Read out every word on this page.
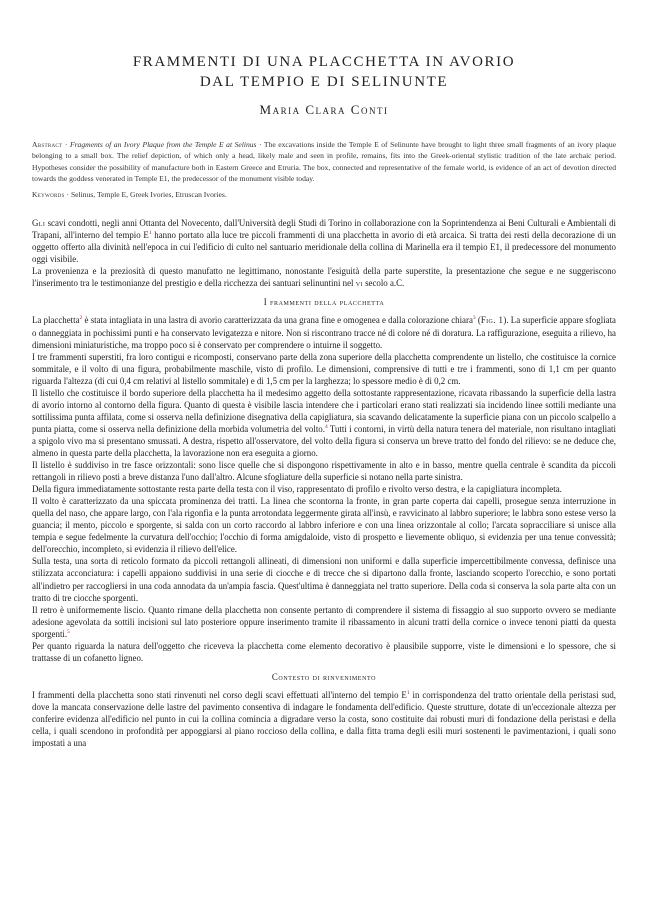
FRAMMENTI DI UNA PLACCHETTA IN AVORIO
DAL TEMPIO E DI SELINUNTE
Maria Clara Conti

Abstract · Fragments of an Ivory Plaque from the Temple E at Selinus · The excavations inside the Temple E of Selinunte have brought to light three small fragments of an ivory plaque belonging to a small box. The relief depiction, of which only a head, likely male and seen in profile, remains, fits into the Greek-oriental stylistic tradition of the late archaic period. Hypotheses consider the possibility of manufacture both in Eastern Greece and Etruria. The box, connected and representative of the female world, is evidence of an act of devotion directed towards the goddess venerated in Temple E1, the predecessor of the monument visible today.

Keywords · Selinus, Temple E, Greek Ivories, Etruscan Ivories.

Gli scavi condotti, negli anni Ottanta del Novecento, dall'Università degli Studi di Torino in collaborazione con la Soprintendenza ai Beni Culturali e Ambientali di Trapani, all'interno del tempio $E^1$ hanno portato alla luce tre piccoli frammenti di una placchetta in avorio di età arcaica. Si tratta dei resti della decorazione di un oggetto offerto alla divinità nell'epoca in cui l'edificio di culto nel santuario meridionale della collina di Marinella era il tempio E1, il predecessore del monumento oggi visibile.

La provenienza e la preziosità di questo manufatto ne legittimano, nonostante l'esiguità della parte superstite, la presentazione che segue e ne suggeriscono l'inserimento tra le testimonianze del prestigio e della ricchezza dei santuari selinuntini nel vi secolo a.C.

I frammenti della placchetta

La placchetta$^2$ è stata intagliata in una lastra di avorio caratterizzata da una grana fine e omogenea e dalla colorazione chiara$^3$ (Fig. 1). La superficie appare sfogliata o danneggiata in pochissimi punti e ha conservato levigatezza e nitore. Non si riscontrano tracce né di colore né di doratura. La raffigurazione, eseguita a rilievo, ha dimensioni miniaturistiche, ma troppo poco si è conservato per comprendere o intuirne il soggetto.

I tre frammenti superstiti, fra loro contigui e ricomposti, conservano parte della zona superiore della placchetta comprendente un listello, che costituisce la cornice sommitale, e il volto di una figura, probabilmente maschile, visto di profilo. Le dimensioni, comprensive di tutti e tre i frammenti, sono di 1,1 cm per quanto riguarda l'altezza (di cui 0,4 cm relativi al listello sommitale) e di 1,5 cm per la larghezza; lo spessore medio è di 0,2 cm.

Il listello che costituisce il bordo superiore della placchetta ha il medesimo aggetto della sottostante rappresentazione, ricavata ribassando la superficie della lastra di avorio intorno al contorno della figura. Quanto di questa è visibile lascia intendere che i particolari erano stati realizzati sia incidendo linee sottili mediante una sottilissima punta affilata, come si osserva nella definizione disegnativa della capigliatura, sia scavando delicatamente la superficie piana con un piccolo scalpello a punta piatta, come si osserva nella definizione della morbida volumetria del volto.$^4$ Tutti i contorni, in virtù della natura tenera del materiale, non risultano intagliati a spigolo vivo ma si presentano smussati. A destra, rispetto all'osservatore, del volto della figura si conserva un breve tratto del fondo del rilievo: se ne deduce che, almeno in questa parte della placchetta, la lavorazione non era eseguita a giorno.

Il listello è suddiviso in tre fasce orizzontali: sono lisce quelle che si dispongono rispettivamente in alto e in basso, mentre quella centrale è scandita da piccoli rettangoli in rilievo posti a breve distanza l'uno dall'altro. Alcune sfogliature della superficie si notano nella parte sinistra.

Della figura immediatamente sottostante resta parte della testa con il viso, rappresentato di profilo e rivolto verso destra, e la capigliatura incompleta.

Il volto è caratterizzato da una spiccata prominenza dei tratti. La linea che scontorna la fronte, in gran parte coperta dai capelli, prosegue senza interruzione in quella del naso, che appare largo, con l'ala rigonfia e la punta arrotondata leggermente girata all'insù, e ravvicinato al labbro superiore; le labbra sono estese verso la guancia; il mento, piccolo e sporgente, si salda con un corto raccordo al labbro inferiore e con una linea orizzontale al collo; l'arcata sopracciliare si unisce alla tempia e segue fedelmente la curvatura dell'occhio; l'occhio di forma amigdaloide, visto di prospetto e lievemente obliquo, si evidenzia per una tenue convessità; dell'orecchio, incompleto, si evidenzia il rilievo dell'elice.

Sulla testa, una sorta di reticolo formato da piccoli rettangoli allineati, di dimensioni non uniformi e dalla superficie impercettibilmente convessa, definisce una stilizzata acconciatura: i capelli appaiono suddivisi in una serie di ciocche e di trecce che si dipartono dalla fronte, lasciando scoperto l'orecchio, e sono portati all'indietro per raccogliersi in una coda annodata da un'ampia fascia. Quest'ultima è danneggiata nel tratto superiore. Della coda si conserva la sola parte alta con un tratto di tre ciocche sporgenti.

Il retro è uniformemente liscio. Quanto rimane della placchetta non consente pertanto di comprendere il sistema di fissaggio al suo supporto ovvero se mediante adesione agevolata da sottili incisioni sul lato posteriore oppure inserimento tramite il ribassamento in alcuni tratti della cornice o invece tenoni piatti da questa sporgenti.$^5$

Per quanto riguarda la natura dell'oggetto che riceveva la placchetta come elemento decorativo è plausibile supporre, viste le dimensioni e lo spessore, che si trattasse di un cofanetto ligneo.

Contesto di rinvenimento

I frammenti della placchetta sono stati rinvenuti nel corso degli scavi effettuati all'interno del tempio $E^1$ in corrispondenza del tratto orientale della peristasi sud, dove la mancata conservazione delle lastre del pavimento consentiva di indagare le fondamenta dell'edificio. Queste strutture, dotate di un'eccezionale altezza per conferire evidenza all'edificio nel punto in cui la collina comincia a digradare verso la costa, sono costituite dai robusti muri di fondazione della peristasi e della cella, i quali scendono in profondità per appoggiarsi al piano roccioso della collina, e dalla fitta trama degli esili muri sostenenti le pavimentazioni, i quali sono impostati a una
